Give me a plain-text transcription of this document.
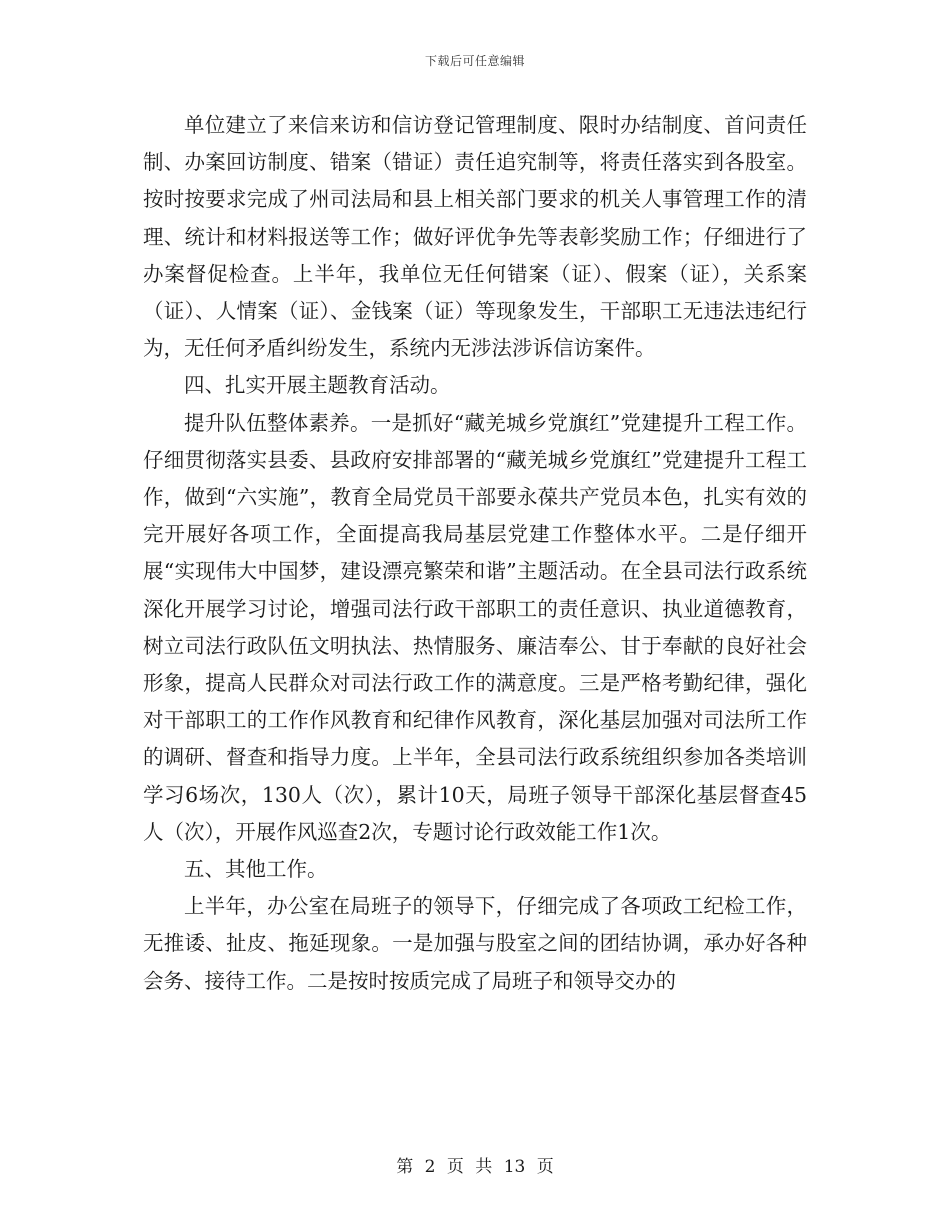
下载后可任意编辑

单位建立了来信来访和信访登记管理制度、限时办结制度、首问责任制、办案回访制度、错案（错证）责任追究制等，将责任落实到各股室。按时按要求完成了州司法局和县上相关部门要求的机关人事管理工作的清理、统计和材料报送等工作；做好评优争先等表彰奖励工作；仔细进行了办案督促检查。上半年，我单位无任何错案（证）、假案（证），关系案（证）、人情案（证）、金钱案（证）等现象发生，干部职工无违法违纪行为，无任何矛盾纠纷发生，系统内无涉法涉诉信访案件。

四、扎实开展主题教育活动。

提升队伍整体素养。一是抓好“藏羌城乡党旗红”党建提升工程工作。仔细贯彻落实县委、县政府安排部署的“藏羌城乡党旗红”党建提升工程工作，做到“六实施”，教育全局党员干部要永葆共产党员本色，扎实有效的完开展好各项工作，全面提高我局基层党建工作整体水平。二是仔细开展“实现伟大中国梦，建设漂亮繁荣和谐”主题活动。在全县司法行政系统深化开展学习讨论，增强司法行政干部职工的责任意识、执业道德教育，树立司法行政队伍文明执法、热情服务、廉洁奉公、甘于奉献的良好社会形象，提高人民群众对司法行政工作的满意度。三是严格考勤纪律，强化对干部职工的工作作风教育和纪律作风教育，深化基层加强对司法所工作的调研、督查和指导力度。上半年，全县司法行政系统组织参加各类培训学习6场次，130人（次），累计10天，局班子领导干部深化基层督查45人（次），开展作风巡查2次，专题讨论行政效能工作1次。

五、其他工作。

上半年，办公室在局班子的领导下，仔细完成了各项政工纪检工作，无推诿、扯皮、拖延现象。一是加强与股室之间的团结协调，承办好各种会务、接待工作。二是按时按质完成了局班子和领导交办的

第 2 页 共 13 页
